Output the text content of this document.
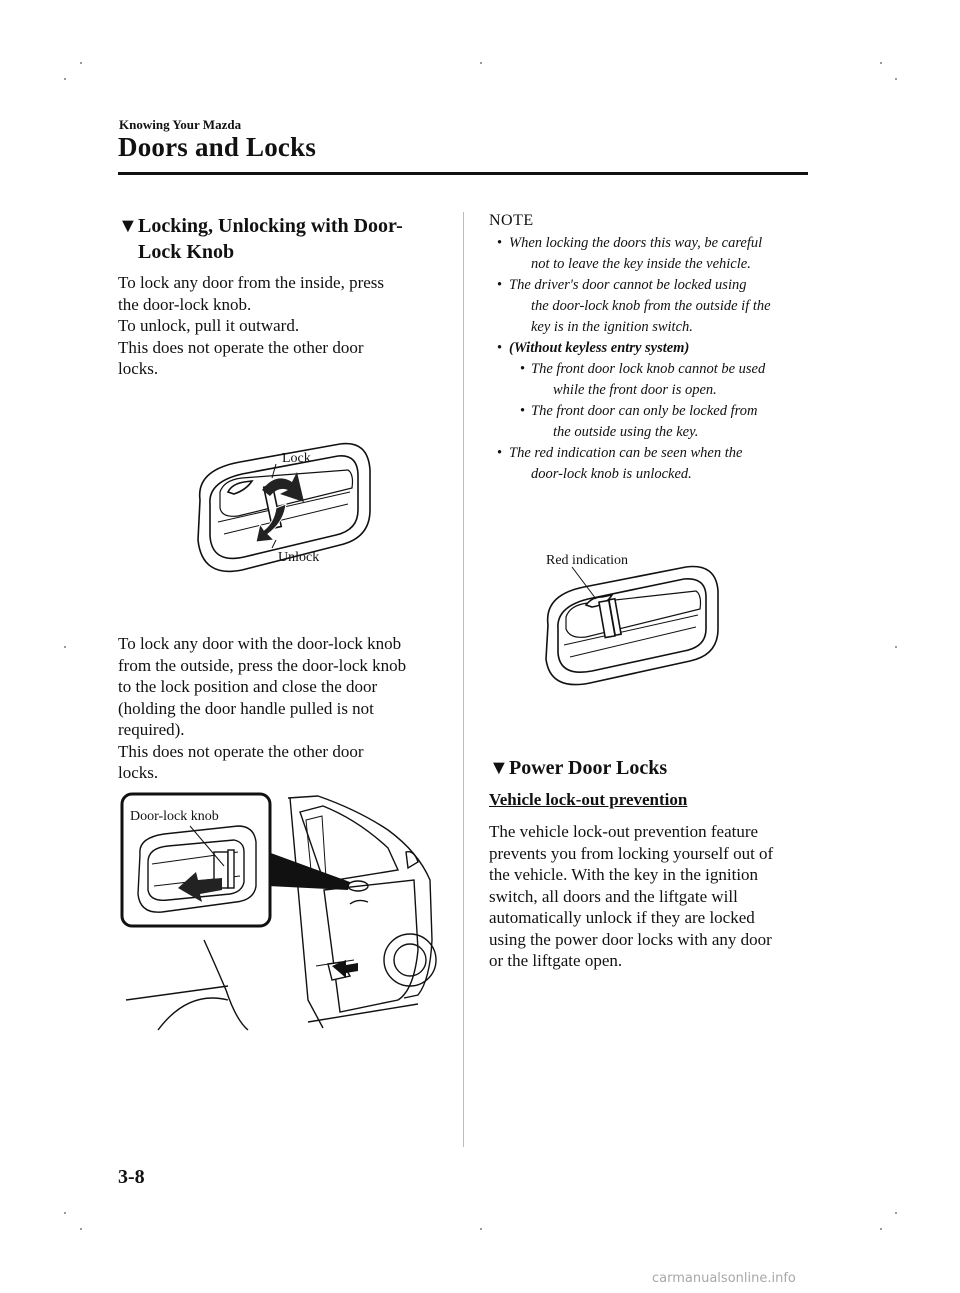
Knowing Your Mazda
Doors and Locks
▼Locking, Unlocking with Door-
Lock Knob
To lock any door from the inside, press
the door-lock knob.
To unlock, pull it outward.
This does not operate the other door
locks.
Lock
Unlock
To lock any door with the door-lock knob
from the outside, press the door-lock knob
to the lock position and close the door
(holding the door handle pulled is not
required).
This does not operate the other door
locks.
Door-lock knob
NOTE
• When locking the doors this way, be careful
not to leave the key inside the vehicle.
• The driver's door cannot be locked using
the door-lock knob from the outside if the
key is in the ignition switch.
• (Without keyless entry system)
• The front door lock knob cannot be used
while the front door is open.
• The front door can only be locked from
the outside using the key.
• The red indication can be seen when the
door-lock knob is unlocked.
Red indication
▼Power Door Locks
Vehicle lock-out prevention
The vehicle lock-out prevention feature
prevents you from locking yourself out of
the vehicle. With the key in the ignition
switch, all doors and the liftgate will
automatically unlock if they are locked
using the power door locks with any door
or the liftgate open.
3-8
carmanualsonline.info
